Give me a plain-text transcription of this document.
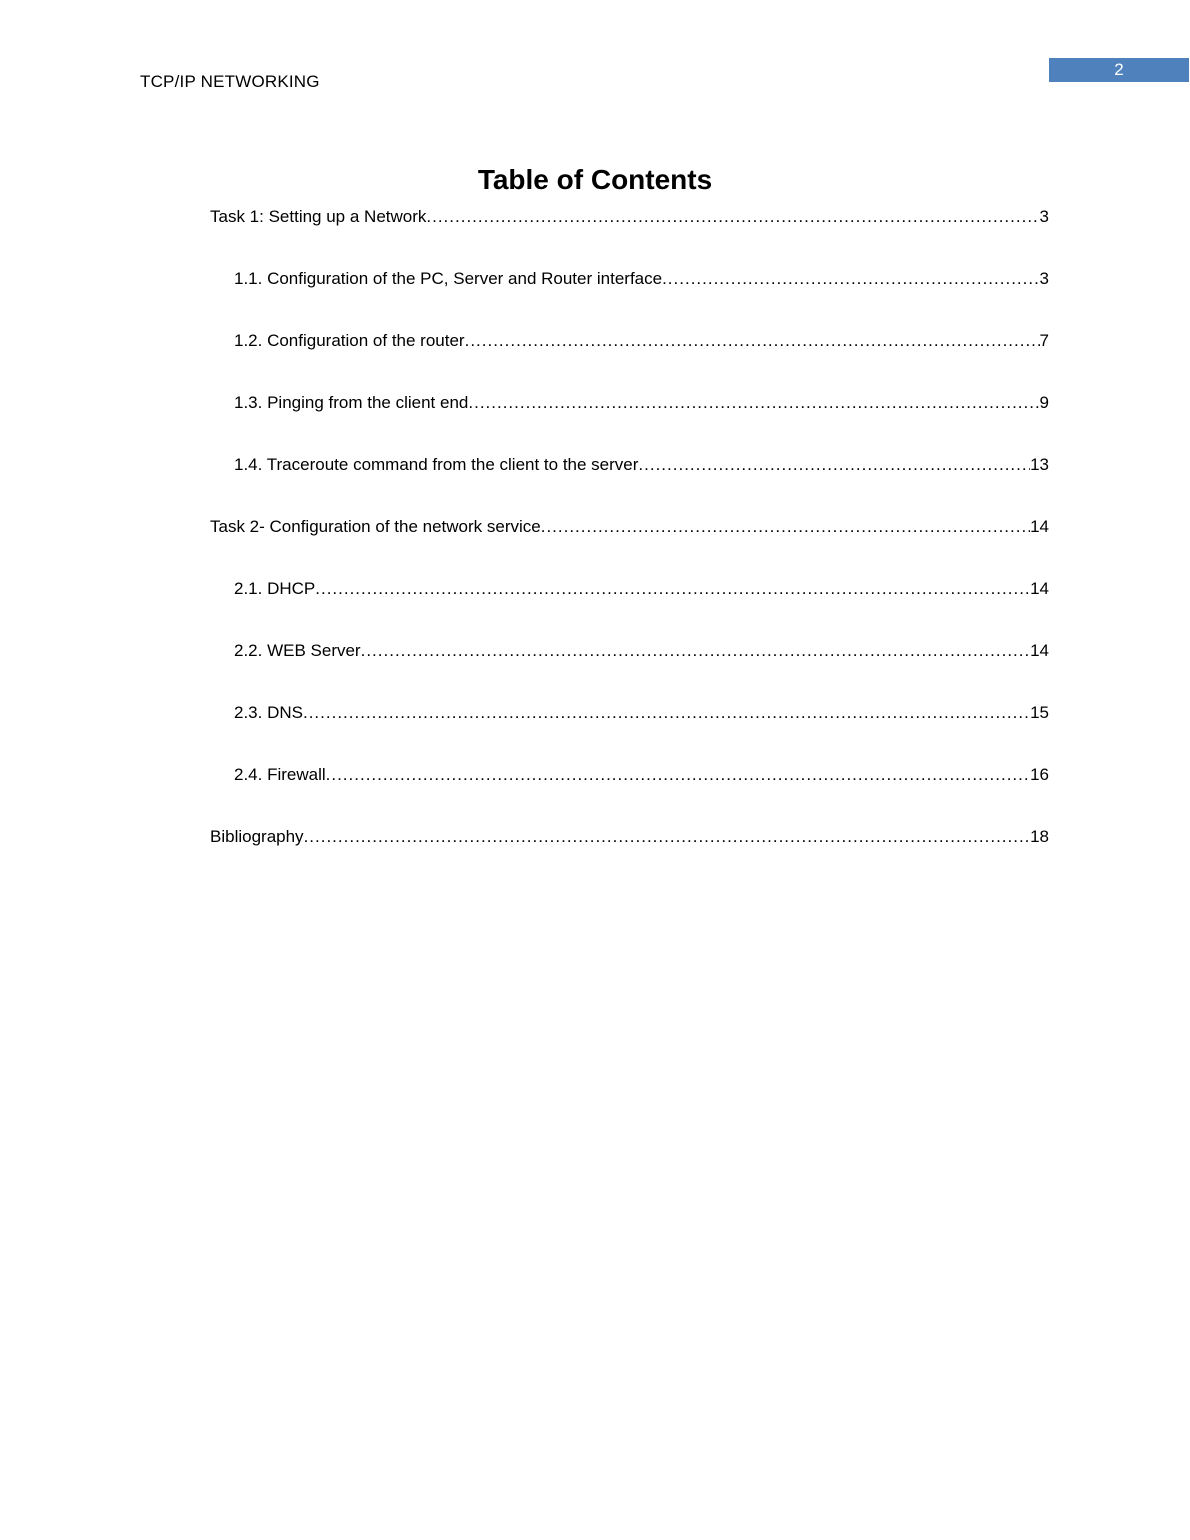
TCP/IP NETWORKING
2
Table of Contents
Task 1: Setting up a Network .....	3
1.1. Configuration of the PC, Server and Router interface .....	3
1.2. Configuration of the router .....	7
1.3. Pinging from the client end .....	9
1.4. Traceroute command from the client to the server .....	13
Task 2- Configuration of the network service .....	14
2.1. DHCP .....	14
2.2. WEB Server .....	14
2.3. DNS .....	15
2.4. Firewall .....	16
Bibliography .....	18
